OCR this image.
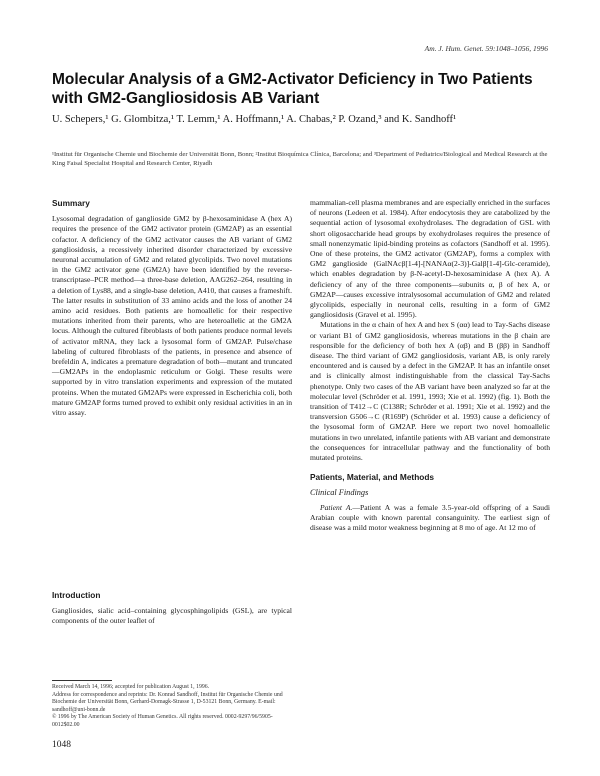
Am. J. Hum. Genet. 59:1048–1056, 1996
Molecular Analysis of a GM2-Activator Deficiency in Two Patients with GM2-Gangliosidosis AB Variant
U. Schepers,¹ G. Glombitza,¹ T. Lemm,¹ A. Hoffmann,¹ A. Chabas,² P. Ozand,³ and K. Sandhoff¹
¹Institut für Organische Chemie und Biochemie der Universität Bonn, Bonn; ²Institut Bioquímica Clínica, Barcelona; and ³Department of Pediatrics/Biological and Medical Research at the King Faisal Specialist Hospital and Research Center, Riyadh
Summary

Lysosomal degradation of ganglioside GM2 by β-hexosaminidase A (hex A) requires the presence of the GM2 activator protein (GM2AP) as an essential cofactor. A deficiency of the GM2 activator causes the AB variant of GM2 gangliosidosis, a recessively inherited disorder characterized by excessive neuronal accumulation of GM2 and related glycolipids. Two novel mutations in the GM2 activator gene (GM2A) have been identified by the reverse-transcriptase–PCR method—a three-base deletion, AAG262–264, resulting in a deletion of Lys88, and a single-base deletion, A410, that causes a frameshift. The latter results in substitution of 33 amino acids and the loss of another 24 amino acid residues. Both patients are homoallelic for their respective mutations inherited from their parents, who are heteroallelic at the GM2A locus. Although the cultured fibroblasts of both patients produce normal levels of activator mRNA, they lack a lysosomal form of GM2AP. Pulse/chase labeling of cultured fibroblasts of the patients, in presence and absence of brefeldin A, indicates a premature degradation of both—mutant and truncated—GM2APs in the endoplasmic reticulum or Golgi. These results were supported by in vitro translation experiments and expression of the mutated proteins. When the mutated GM2APs were expressed in Escherichia coli, both mature GM2AP forms turned proved to exhibit only residual activities in an in vitro assay.

Introduction

Gangliosides, sialic acid–containing glycosphingolipids (GSL), are typical components of the outer leaflet of

mammalian-cell plasma membranes and are especially enriched in the surfaces of neurons (Ledeen et al. 1984). After endocytosis they are catabolized by the sequential action of lysosomal exohydrolases. The degradation of GSL with short oligosaccharide head groups by exohydrolases requires the presence of small nonenzymatic lipid-binding proteins as cofactors (Sandhoff et al. 1995). One of these proteins, the GM2 activator (GM2AP), forms a complex with GM2 ganglioside (GalNAcβ[1-4]-[NANAα(2-3)]-Galβ[1-4]-Glc-ceramide), which enables degradation by β-N-acetyl-D-hexosaminidase A (hex A). A deficiency of any of the three components—subunits α, β of hex A, or GM2AP—causes excessive intralysosomal accumulation of GM2 and related glycolipids, especially in neuronal cells, resulting in a form of GM2 gangliosidosis (Gravel et al. 1995).

Mutations in the α chain of hex A and hex S (αα) lead to Tay-Sachs disease or variant B1 of GM2 gangliosidosis, whereas mutations in the β chain are responsible for the deficiency of both hex A (αβ) and B (ββ) in Sandhoff disease. The third variant of GM2 gangliosidosis, variant AB, is only rarely encountered and is caused by a defect in the GM2AP. It has an infantile onset and is clinically almost indistinguishable from the classical Tay-Sachs phenotype. Only two cases of the AB variant have been analyzed so far at the molecular level (Schröder et al. 1991, 1993; Xie et al. 1992) (fig. 1). Both the transition of T412→C (C138R; Schröder et al. 1991; Xie et al. 1992) and the transversion G506→C (R169P) (Schröder et al. 1993) cause a deficiency of the lysosomal form of GM2AP. Here we report two novel homoallelic mutations in two unrelated, infantile patients with AB variant and demonstrate the consequences for intracellular pathway and the functionality of both mutated proteins.

Patients, Material, and Methods
Clinical Findings

Patient A.—Patient A was a female 3.5-year-old offspring of a Saudi Arabian couple with known parental consanguinity. The earliest sign of disease was a mild motor weakness beginning at 8 mo of age. At 12 mo of

Received March 14, 1996; accepted for publication August 1, 1996.
Address for correspondence and reprints: Dr. Konrad Sandhoff, Institut für Organische Chemie und Biochemie der Universität Bonn, Gerhard-Domagk-Strasse 1, D-53121 Bonn, Germany. E-mail: sandhoff@uni-bonn.de
© 1996 by The American Society of Human Genetics. All rights reserved. 0002-9297/96/5905-0012$02.00
1048
